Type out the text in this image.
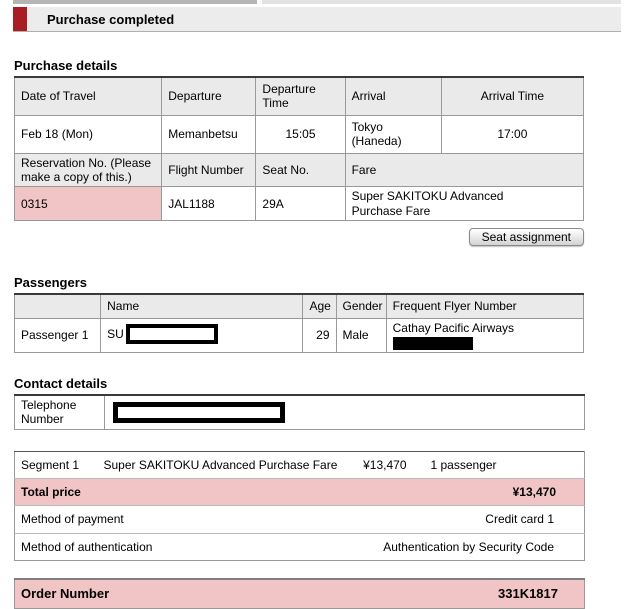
Purchase completed
Purchase details
Date of Travel	Departure	Departure Time	Arrival	Arrival Time
Feb 18 (Mon)	Memanbetsu	15:05	Tokyo (Haneda)	17:00
Reservation No. (Please make a copy of this.)	Flight Number	Seat No.	Fare	
0315	JAL1188	29A	Super SAKITOKU Advanced Purchase Fare	
Seat assignment
Passengers
	Name	Age	Gender	Frequent Flyer Number
Passenger 1	SU	29	Male	Cathay Pacific Airways
Contact details
Telephone Number	
Segment 1	Super SAKITOKU Advanced Purchase Fare	¥13,470	1 passenger
Total price		¥13,470	
Method of payment		Credit card 1	
Method of authentication		Authentication by Security Code	
Order Number	331K1817
